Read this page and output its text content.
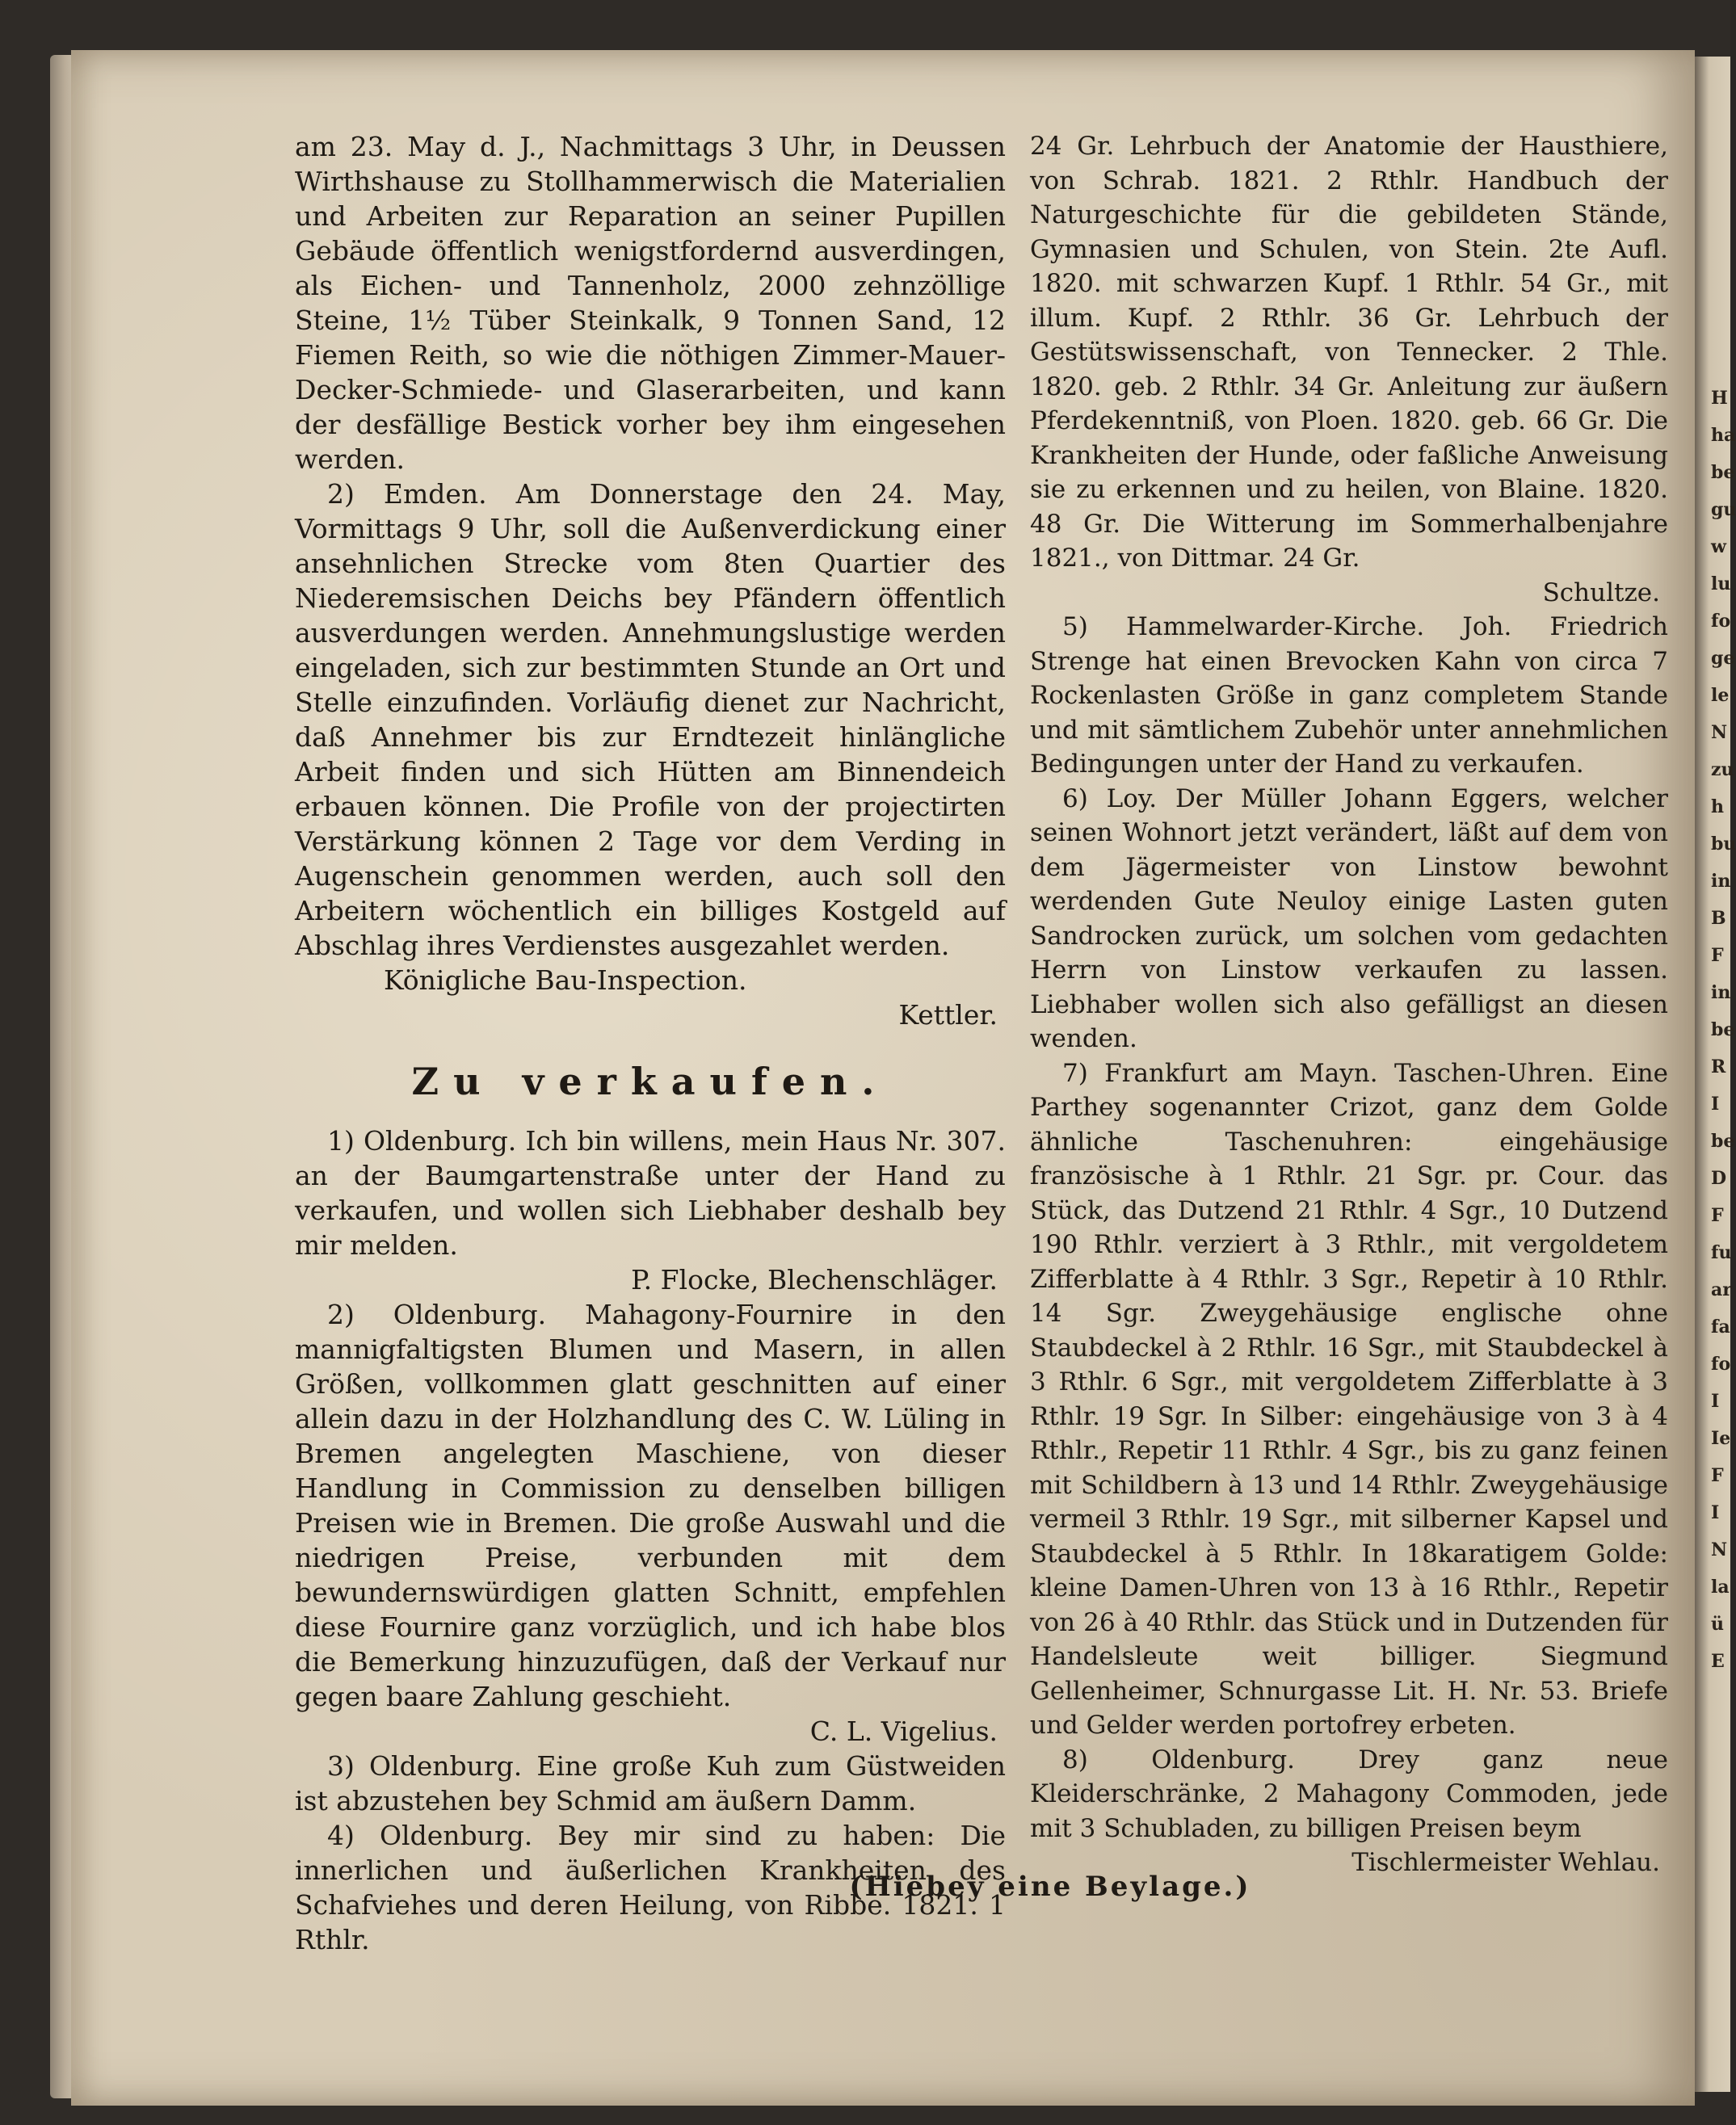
H ha be gu w lu fo ge le N zu h bu in B F in be R I be D F fu ar fa fo I Ie F I N la ü E

am 23. May d. J., Nachmittags 3 Uhr, in Deussen Wirthshause zu Stollhammerwisch die Materialien und Arbeiten zur Reparation an seiner Pupillen Gebäude öffentlich wenigstfordernd ausverdingen, als Eichen- und Tannenholz, 2000 zehnzöllige Steine, 1½ Tüber Steinkalk, 9 Tonnen Sand, 12 Fiemen Reith, so wie die nöthigen Zimmer-Mauer-Decker-Schmiede- und Glaserarbeiten, und kann der desfällige Bestick vorher bey ihm eingesehen werden.

2) Emden. Am Donnerstage den 24. May, Vormittags 9 Uhr, soll die Außenverdickung einer ansehnlichen Strecke vom 8ten Quartier des Niederemsischen Deichs bey Pfändern öffentlich ausverdungen werden. Annehmungslustige werden eingeladen, sich zur bestimmten Stunde an Ort und Stelle einzufinden. Vorläufig dienet zur Nachricht, daß Annehmer bis zur Erndtezeit hinlängliche Arbeit finden und sich Hütten am Binnendeich erbauen können. Die Profile von der projectirten Verstärkung können 2 Tage vor dem Verding in Augenschein genommen werden, auch soll den Arbeitern wöchentlich ein billiges Kostgeld auf Abschlag ihres Verdienstes ausgezahlet werden.

Königliche Bau-Inspection.

Kettler.

Zu verkaufen.

1) Oldenburg. Ich bin willens, mein Haus Nr. 307. an der Baumgartenstraße unter der Hand zu verkaufen, und wollen sich Liebhaber deshalb bey mir melden.

P. Flocke, Blechenschläger.

2) Oldenburg. Mahagony-Fournire in den mannigfaltigsten Blumen und Masern, in allen Größen, vollkommen glatt geschnitten auf einer allein dazu in der Holzhandlung des C. W. Lüling in Bremen angelegten Maschiene, von dieser Handlung in Commission zu denselben billigen Preisen wie in Bremen. Die große Auswahl und die niedrigen Preise, verbunden mit dem bewundernswürdigen glatten Schnitt, empfehlen diese Fournire ganz vorzüglich, und ich habe blos die Bemerkung hinzuzufügen, daß der Verkauf nur gegen baare Zahlung geschieht.

C. L. Vigelius.

3) Oldenburg. Eine große Kuh zum Güstweiden ist abzustehen bey Schmid am äußern Damm.

4) Oldenburg. Bey mir sind zu haben: Die innerlichen und äußerlichen Krankheiten des Schafviehes und deren Heilung, von Ribbe. 1821. 1 Rthlr.

24 Gr. Lehrbuch der Anatomie der Hausthiere, von Schrab. 1821. 2 Rthlr. Handbuch der Naturgeschichte für die gebildeten Stände, Gymnasien und Schulen, von Stein. 2te Aufl. 1820. mit schwarzen Kupf. 1 Rthlr. 54 Gr., mit illum. Kupf. 2 Rthlr. 36 Gr. Lehrbuch der Gestütswissenschaft, von Tennecker. 2 Thle. 1820. geb. 2 Rthlr. 34 Gr. Anleitung zur äußern Pferdekenntniß, von Ploen. 1820. geb. 66 Gr. Die Krankheiten der Hunde, oder faßliche Anweisung sie zu erkennen und zu heilen, von Blaine. 1820. 48 Gr. Die Witterung im Sommerhalbenjahre 1821., von Dittmar. 24 Gr.

Schultze.

5) Hammelwarder-Kirche. Joh. Friedrich Strenge hat einen Brevocken Kahn von circa 7 Rockenlasten Größe in ganz completem Stande und mit sämtlichem Zubehör unter annehmlichen Bedingungen unter der Hand zu verkaufen.

6) Loy. Der Müller Johann Eggers, welcher seinen Wohnort jetzt verändert, läßt auf dem von dem Jägermeister von Linstow bewohnt werdenden Gute Neuloy einige Lasten guten Sandrocken zurück, um solchen vom gedachten Herrn von Linstow verkaufen zu lassen. Liebhaber wollen sich also gefälligst an diesen wenden.

7) Frankfurt am Mayn. Taschen-Uhren. Eine Parthey sogenannter Crizot, ganz dem Golde ähnliche Taschenuhren: eingehäusige französische à 1 Rthlr. 21 Sgr. pr. Cour. das Stück, das Dutzend 21 Rthlr. 4 Sgr., 10 Dutzend 190 Rthlr. verziert à 3 Rthlr., mit vergoldetem Zifferblatte à 4 Rthlr. 3 Sgr., Repetir à 10 Rthlr. 14 Sgr. Zweygehäusige englische ohne Staubdeckel à 2 Rthlr. 16 Sgr., mit Staubdeckel à 3 Rthlr. 6 Sgr., mit vergoldetem Zifferblatte à 3 Rthlr. 19 Sgr. In Silber: eingehäusige von 3 à 4 Rthlr., Repetir 11 Rthlr. 4 Sgr., bis zu ganz feinen mit Schildbern à 13 und 14 Rthlr. Zweygehäusige vermeil 3 Rthlr. 19 Sgr., mit silberner Kapsel und Staubdeckel à 5 Rthlr. In 18karatigem Golde: kleine Damen-Uhren von 13 à 16 Rthlr., Repetir von 26 à 40 Rthlr. das Stück und in Dutzenden für Handelsleute weit billiger. Siegmund Gellenheimer, Schnurgasse Lit. H. Nr. 53. Briefe und Gelder werden portofrey erbeten.

8) Oldenburg. Drey ganz neue Kleiderschränke, 2 Mahagony Commoden, jede mit 3 Schubladen, zu billigen Preisen beym

Tischlermeister Wehlau.

(Hiebey eine Beylage.)
